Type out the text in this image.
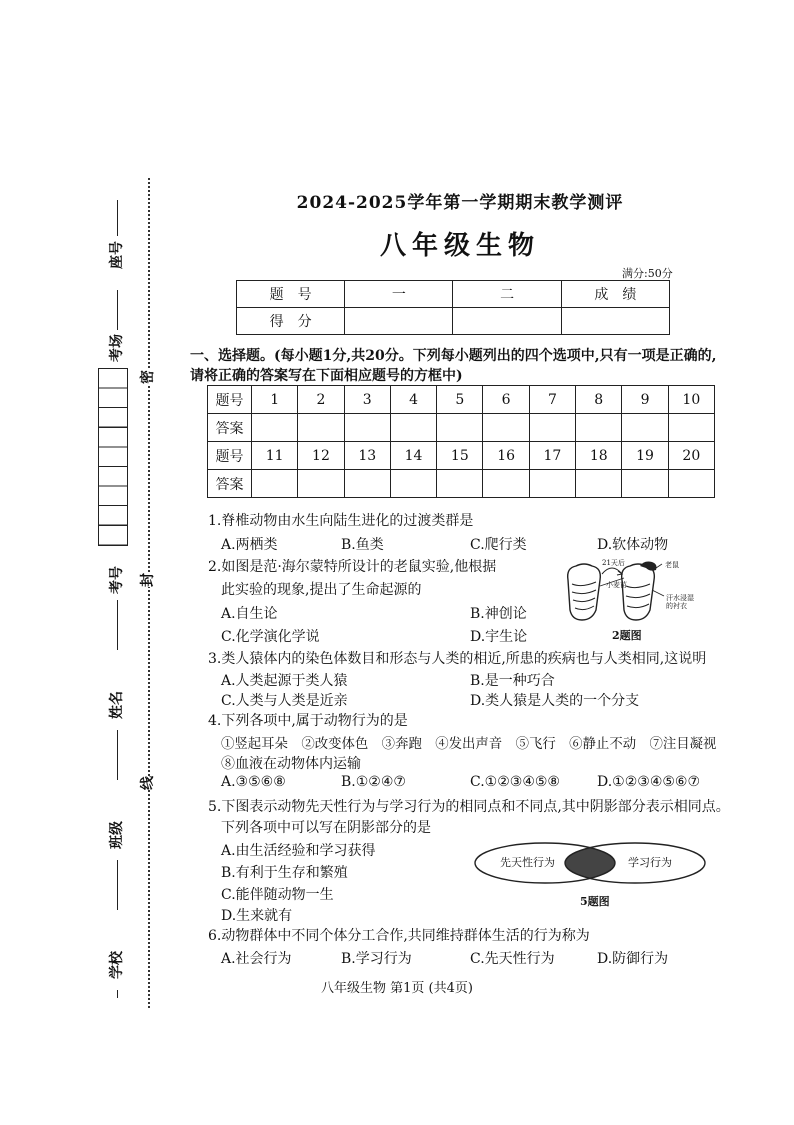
密
封
线
座号
考场
考号
姓名
班级
学校
2024-2025学年第一学期期末教学测评
八年级生物
满分:50分
题　号	一	二	成　绩
得　分			
一、选择题。(每小题1分,共20分。下列每小题列出的四个选项中,只有一项是正确的,请将正确的答案写在下面相应题号的方框中)
题号	1	2	3	4	5	6	7	8	9	10
答案										
题号	11	12	13	14	15	16	17	18	19	20
答案										
1.脊椎动物由水生向陆生进化的过渡类群是
A.两栖类	B.鱼类	C.爬行类	D.软体动物
2.如图是范·海尔蒙特所设计的老鼠实验,他根据
此实验的现象,提出了生命起源的
A.自生论	B.神创论
C.化学演化学说	D.宇生论
21天后
小麦苗
老鼠
汗水浸湿的衬衣
2题图
3.类人猿体内的染色体数目和形态与人类的相近,所患的疾病也与人类相同,这说明
A.人类起源于类人猿	B.是一种巧合
C.人类与人类是近亲	D.类人猿是人类的一个分支
4.下列各项中,属于动物行为的是
①竖起耳朵　②改变体色　③奔跑　④发出声音　⑤飞行　⑥静止不动　⑦注目凝视
⑧血液在动物体内运输
A.③⑤⑥⑧	B.①②④⑦	C.①②③④⑤⑧	D.①②③④⑤⑥⑦
5.下图表示动物先天性行为与学习行为的相同点和不同点,其中阴影部分表示相同点。
下列各项中可以写在阴影部分的是
A.由生活经验和学习获得
B.有利于生存和繁殖
C.能伴随动物一生
D.生来就有
先天性行为	学习行为
5题图
6.动物群体中不同个体分工合作,共同维持群体生活的行为称为
A.社会行为	B.学习行为	C.先天性行为	D.防御行为
八年级生物 第1页 (共4页)
